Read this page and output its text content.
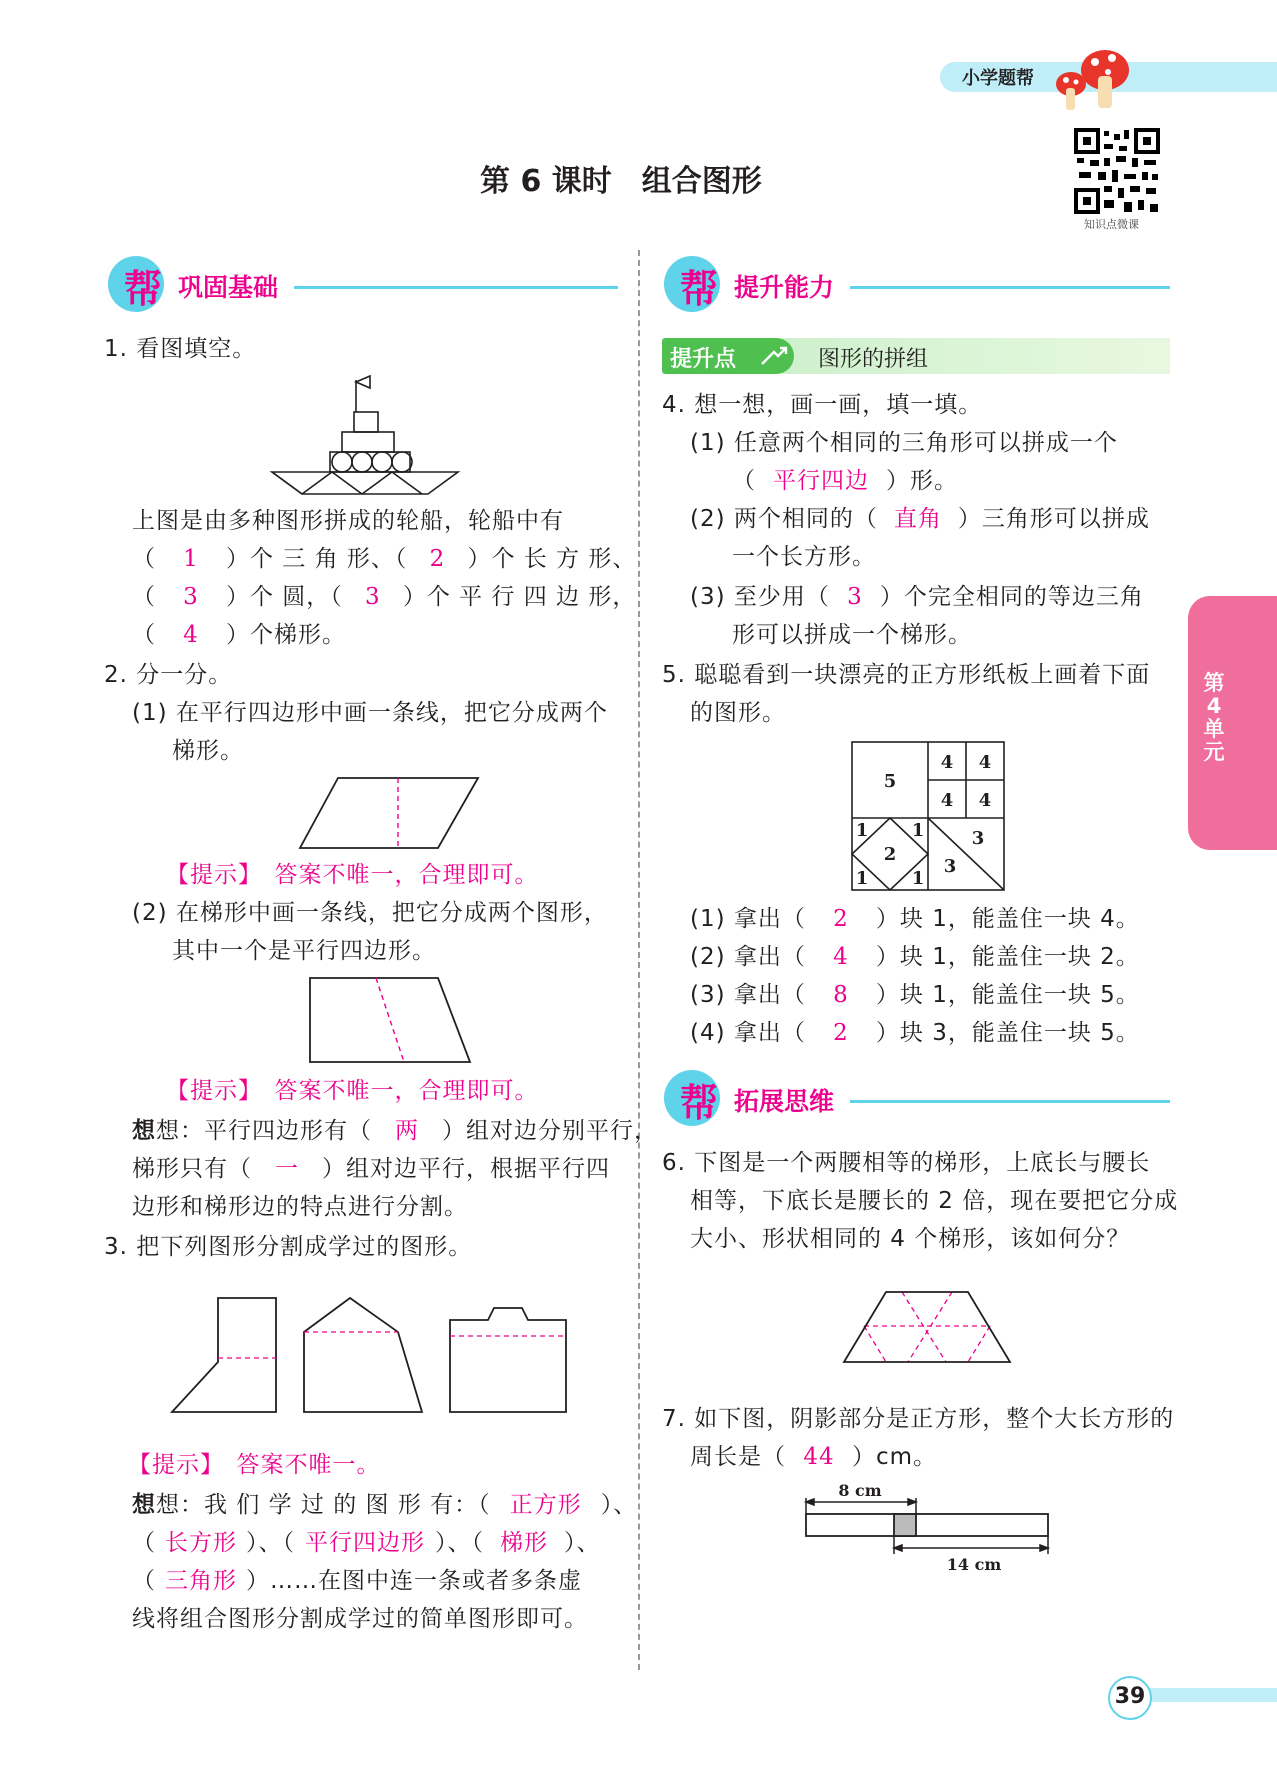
小学题帮
知识点微课
第 6 课时　组合图形
帮 巩固基础
1. 看图填空。
上图是由多种图形拼成的轮船，轮船中有
（ 1 ）个 三 角 形、（ 2 ）个 长 方 形、
（ 3 ）个 圆，（ 3 ）个 平 行 四 边 形，
（ 4 ）个梯形。
2. 分一分。
(1) 在平行四边形中画一条线，把它分成两个
梯形。
【提示】　 答案不唯一，合理即可。
(2) 在梯形中画一条线，把它分成两个图形，
其中一个是平行四边形。
【提示】　 答案不唯一，合理即可。
想想：平行四边形有（ 两 ）组对边分别平行，
梯形只有（ 一 ）组对边平行，根据平行四
边形和梯形边的特点进行分割。
3. 把下列图形分割成学过的图形。
【提示】　 答案不唯一。
想想：我 们 学 过 的 图 形 有：（ 正方形 ）、
（ 长方形 ）、（ 平行四边形 ）、（ 梯形 ）、
（ 三角形 ）……在图中连一条或者多条虚
线将组合图形分割成学过的简单图形即可。
帮 提升能力
提升点	图形的拼组
4. 想一想，画一画，填一填。
(1) 任意两个相同的三角形可以拼成一个
（ 平行四边 ）形。
(2) 两个相同的（ 直角 ）三角形可以拼成
一个长方形。
(3) 至少用（ 3 ）个完全相同的等边三角
形可以拼成一个梯形。
5. 聪聪看到一块漂亮的正方形纸板上画着下面
的图形。
5
4 4
4 4
1 1
2
1 1
3
3
(1) 拿出（ 2 ）块 1，能盖住一块 4。
(2) 拿出（ 4 ）块 1，能盖住一块 2。
(3) 拿出（ 8 ）块 1，能盖住一块 5。
(4) 拿出（ 2 ）块 3，能盖住一块 5。
帮 拓展思维
6. 下图是一个两腰相等的梯形，上底长与腰长
相等，下底长是腰长的 2 倍，现在要把它分成
大小、形状相同的 4 个梯形，该如何分？
7. 如下图，阴影部分是正方形，整个大长方形的
周长是（ 44 ）cm。
8 cm
14 cm
第
4
单
元
39
